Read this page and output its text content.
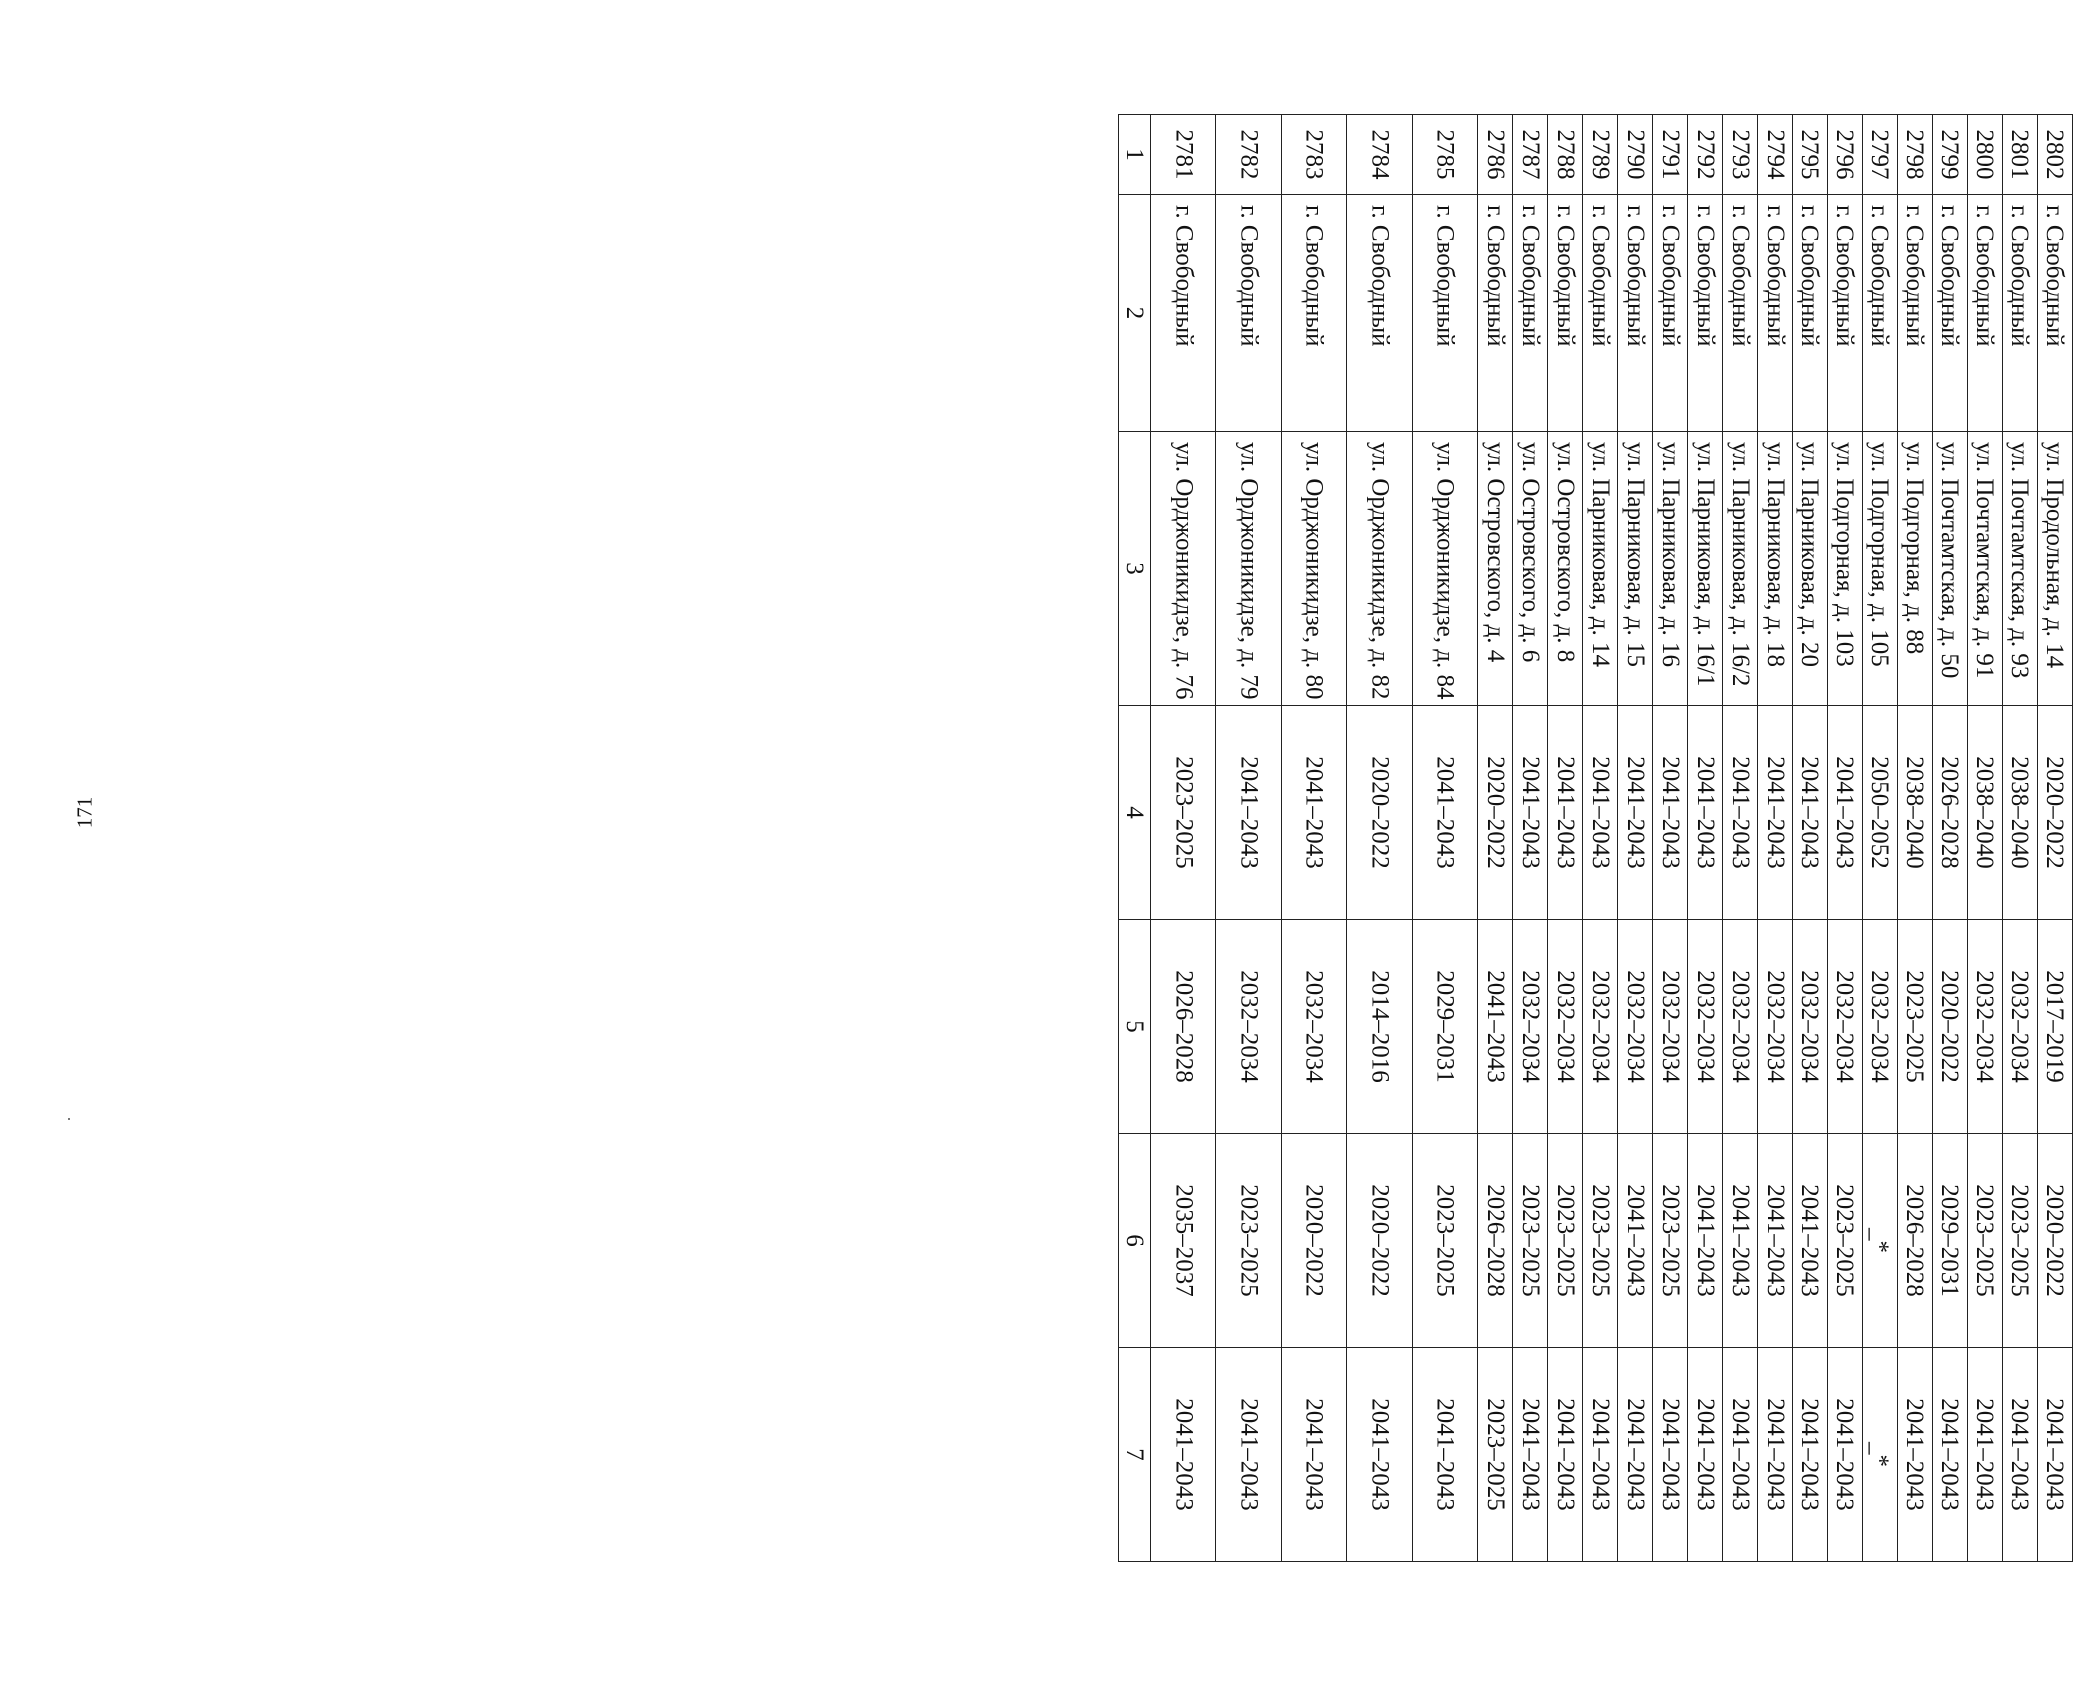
171
1	2	3	4	5	6	7
2781	г. Свободный	ул. Орджоникидзе, д. 76	2023–2025	2026–2028	2035–2037	2041–2043
2782	г. Свободный	ул. Орджоникидзе, д. 79	2041–2043	2032–2034	2023–2025	2041–2043
2783	г. Свободный	ул. Орджоникидзе, д. 80	2041–2043	2032–2034	2020–2022	2041–2043
2784	г. Свободный	ул. Орджоникидзе, д. 82	2020–2022	2014–2016	2020–2022	2041–2043
2785	г. Свободный	ул. Орджоникидзе, д. 84	2041–2043	2029–2031	2023–2025	2041–2043
2786	г. Свободный	ул. Островского, д. 4	2020–2022	2041–2043	2026–2028	2023–2025
2787	г. Свободный	ул. Островского, д. 6	2041–2043	2032–2034	2023–2025	2041–2043
2788	г. Свободный	ул. Островского, д. 8	2041–2043	2032–2034	2023–2025	2041–2043
2789	г. Свободный	ул. Парниковая, д. 14	2041–2043	2032–2034	2023–2025	2041–2043
2790	г. Свободный	ул. Парниковая, д. 15	2041–2043	2032–2034	2041–2043	2041–2043
2791	г. Свободный	ул. Парниковая, д. 16	2041–2043	2032–2034	2023–2025	2041–2043
2792	г. Свободный	ул. Парниковая, д. 16/1	2041–2043	2032–2034	2041–2043	2041–2043
2793	г. Свободный	ул. Парниковая, д. 16/2	2041–2043	2032–2034	2041–2043	2041–2043
2794	г. Свободный	ул. Парниковая, д. 18	2041–2043	2032–2034	2041–2043	2041–2043
2795	г. Свободный	ул. Парниковая, д. 20	2041–2043	2032–2034	2041–2043	2041–2043
2796	г. Свободный	ул. Подгорная, д. 103	2041–2043	2032–2034	2023–2025	2041–2043
2797	г. Свободный	ул. Подгорная, д. 105	2050–2052	2032–2034	_*	_*
2798	г. Свободный	ул. Подгорная, д. 88	2038–2040	2023–2025	2026–2028	2041–2043
2799	г. Свободный	ул. Почтамтская, д. 50	2026–2028	2020–2022	2029–2031	2041–2043
2800	г. Свободный	ул. Почтамтская, д. 91	2038–2040	2032–2034	2023–2025	2041–2043
2801	г. Свободный	ул. Почтамтская, д. 93	2038–2040	2032–2034	2023–2025	2041–2043
2802	г. Свободный	ул. Продольная, д. 14	2020–2022	2017–2019	2020–2022	2041–2043
